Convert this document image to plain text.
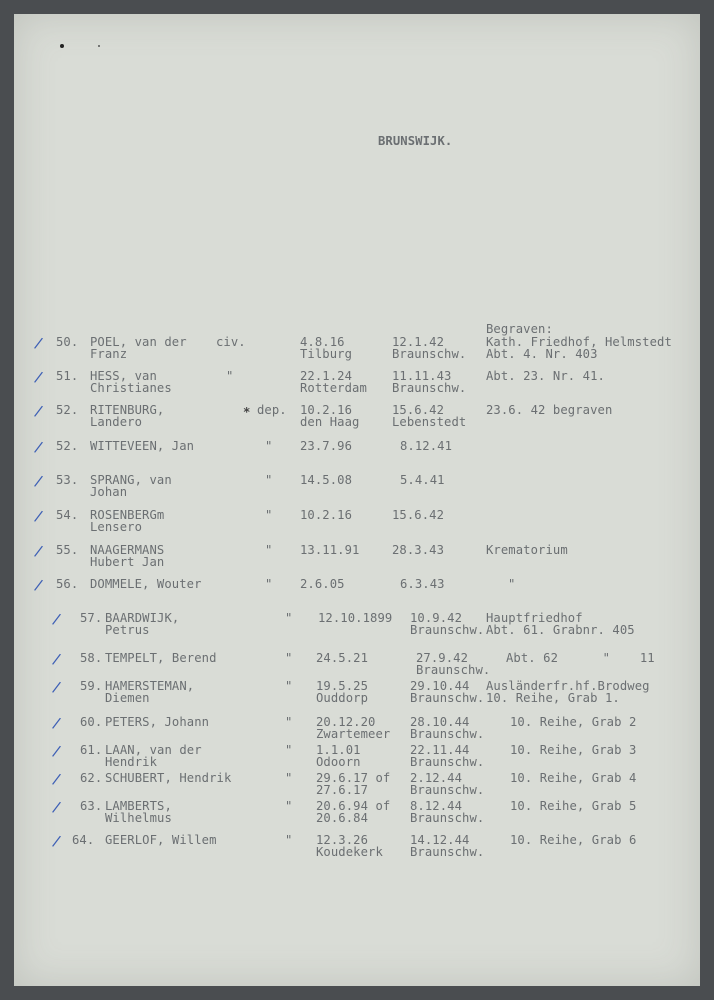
BRUNSWIJK.
Begraven:
*
50. POEL, van der
Franz
civ.	4.8.16
Tilburg
12.1.42
Braunschw.
Kath. Friedhof, Helmstedt
Abt. 4. Nr. 403
/
51. HESS, van
Christianes
"	22.1.24
Rotterdam
11.11.43
Braunschw.
Abt. 23. Nr. 41.
/
52. RITENBURG,
Landero
dep. 10.2.16
den Haag
15.6.42
Lebenstedt
23.6. 42 begraven
/
52. WITTEVEEN, Jan	" 23.7.96	8.12.41
/
53. SPRANG, van
Johan
" 14.5.08	5.4.41
/
54. ROSENBERGm
Lensero
" 10.2.16	15.6.42
/
55. NAAGERMANS
Hubert Jan
" 13.11.91	28.3.43	Krematorium
/
56. DOMMELE, Wouter	" 2.6.05	6.3.43	"
/
57. BAARDWIJK,
Petrus
" 12.10.1899 10.9.42
Braunschw.
Hauptfriedhof
Abt. 61. Grabnr. 405
/
58. TEMPELT, Berend	" 24.5.21	27.9.42
Braunschw.
Abt. 62      "    11
/
59. HAMERSTEMAN,
Diemen
" 19.5.25
Ouddorp
29.10.44
Braunschw.
Ausländerfr.hf.Brodweg
10. Reihe, Grab 1.
/
60. PETERS, Johann	" 20.12.20
Zwartemeer
28.10.44
Braunschw.
10. Reihe, Grab 2
/
61. LAAN, van der
Hendrik
" 1.1.01
Odoorn
22.11.44
Braunschw.
10. Reihe, Grab 3
/
62. SCHUBERT, Hendrik	" 29.6.17 of
27.6.17
2.12.44
Braunschw.
10. Reihe, Grab 4
/
63. LAMBERTS,
Wilhelmus
" 20.6.94 of
20.6.84
8.12.44
Braunschw.
10. Reihe, Grab 5
/
64. GEERLOF, Willem	" 12.3.26
Koudekerk
14.12.44
Braunschw.
10. Reihe, Grab 6
/
